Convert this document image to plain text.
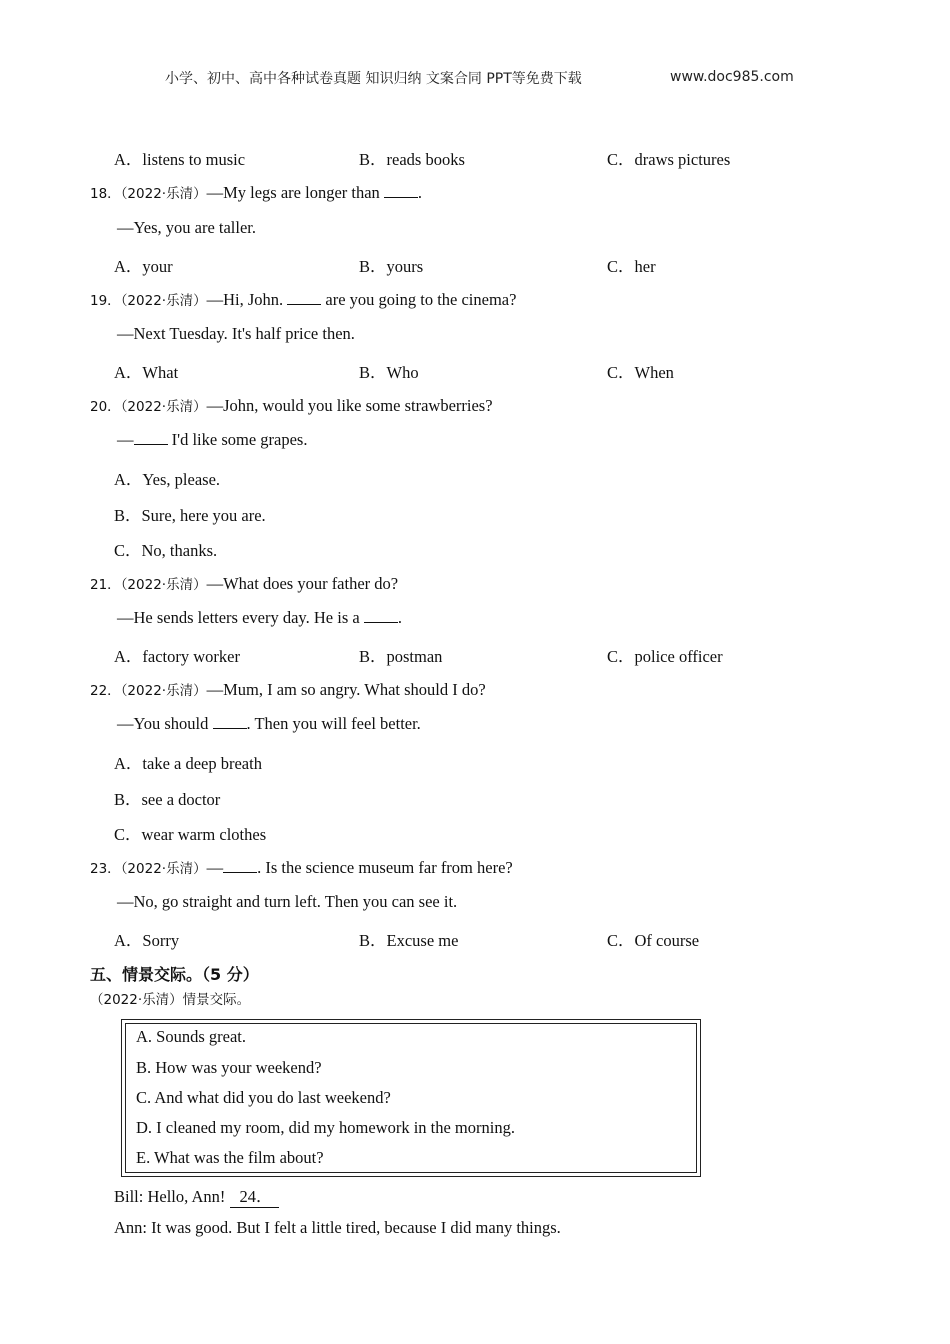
小学、初中、高中各种试卷真题 知识归纳 文案合同 PPT等免费下载	www.doc985.com
A．listens to music	B．reads books	C．draws pictures
18．（2022·乐清）—My legs are longer than .
—Yes, you are taller.
A．your	B．yours	C．her
19．（2022·乐清）—Hi, John.  are you going to the cinema?
—Next Tuesday. It's half price then.
A．What	B．Who	C．When
20．（2022·乐清）—John, would you like some strawberries?
— I'd like some grapes.
A．Yes, please.
B．Sure, here you are.
C．No, thanks.
21．（2022·乐清）—What does your father do?
—He sends letters every day. He is a .
A．factory worker	B．postman	C．police officer
22．（2022·乐清）—Mum, I am so angry. What should I do?
—You should . Then you will feel better.
A．take a deep breath
B．see a doctor
C．wear warm clothes
23．（2022·乐清）— . Is the science museum far from here?
—No, go straight and turn left. Then you can see it.
A．Sorry	B．Excuse me	C．Of course
五、情景交际。（5 分）
（2022·乐清）情景交际。
A. Sounds great.
B. How was your weekend?
C. And what did you do last weekend?
D. I cleaned my room, did my homework in the morning.
E. What was the film about?
Bill: Hello, Ann! 24．
Ann: It was good. But I felt a little tired, because I did many things.
